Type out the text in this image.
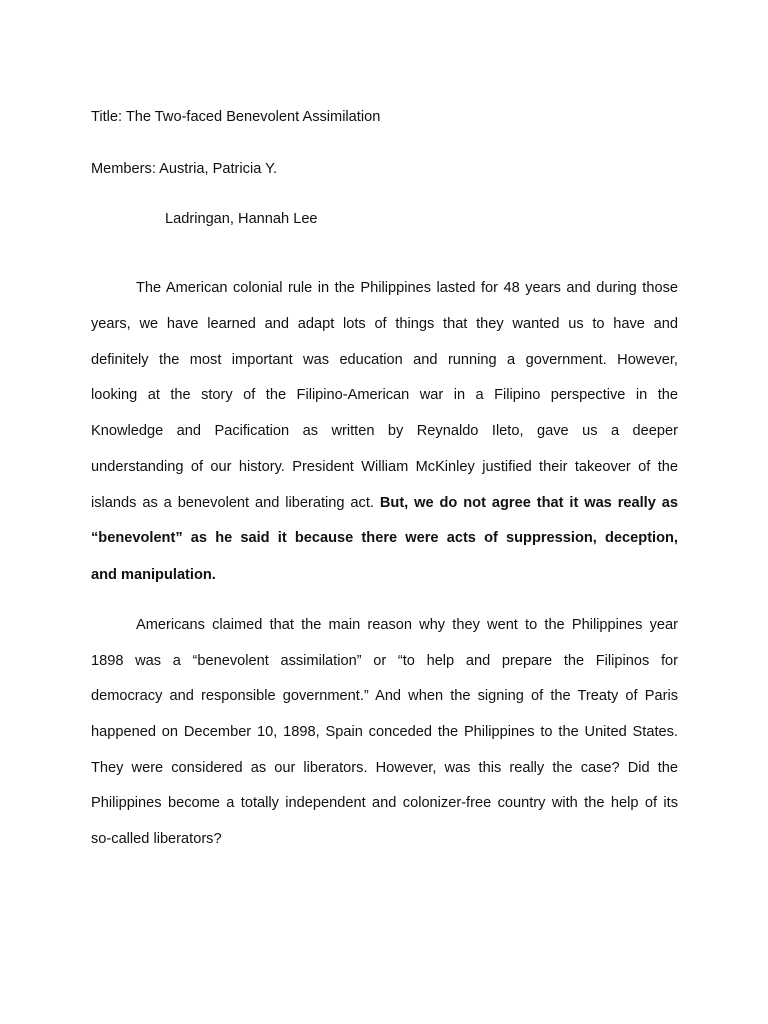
Title: The Two-faced Benevolent Assimilation
Members: Austria, Patricia Y.
Ladringan, Hannah Lee
The American colonial rule in the Philippines lasted for 48 years and during those
years, we have learned and adapt lots of things that they wanted us to have and
definitely the most important was education and running a government. However,
looking at the story of the Filipino-American war in a Filipino perspective in the
Knowledge and Pacification as written by Reynaldo Ileto, gave us a deeper
understanding of our history. President William McKinley justified their takeover of the
islands as a benevolent and liberating act. But, we do not agree that it was really as
“benevolent” as he said it because there were acts of suppression, deception,
and manipulation.
Americans claimed that the main reason why they went to the Philippines year
1898 was a “benevolent assimilation” or “to help and prepare the Filipinos for
democracy and responsible government.” And when the signing of the Treaty of Paris
happened on December 10, 1898, Spain conceded the Philippines to the United States.
They were considered as our liberators. However, was this really the case? Did the
Philippines become a totally independent and colonizer-free country with the help of its
so-called liberators?
